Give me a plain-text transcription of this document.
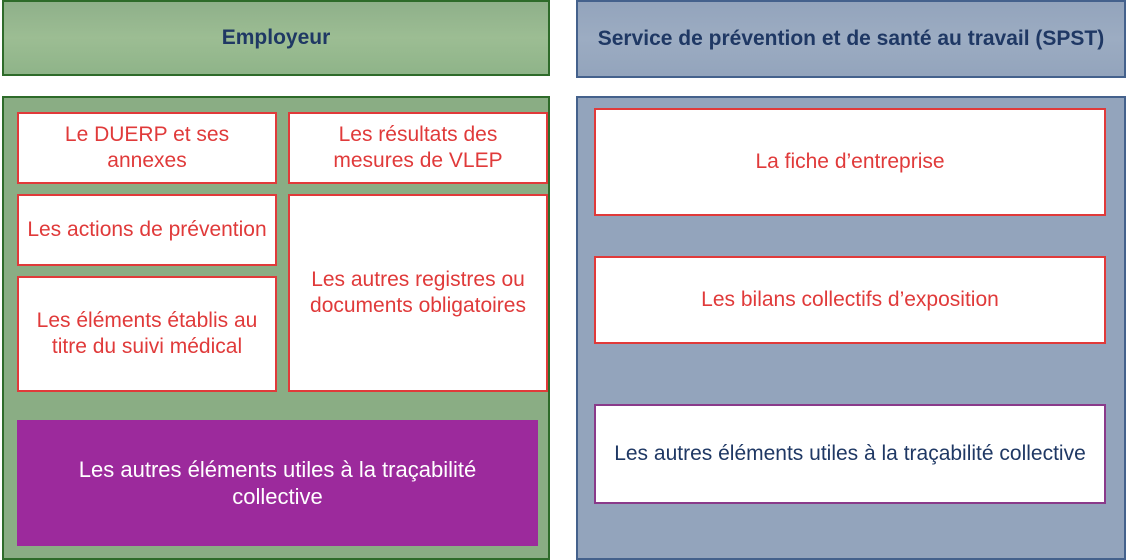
Employeur
Le DUERP et ses annexes
Les résultats des mesures de VLEP
Les actions de prévention
Les autres registres ou documents obligatoires
Les éléments établis au titre du suivi médical
Les autres éléments utiles à la traçabilité collective
Service de prévention et de santé au travail (SPST)
La fiche d’entreprise
Les bilans collectifs d’exposition
Les autres éléments utiles à la traçabilité collective
